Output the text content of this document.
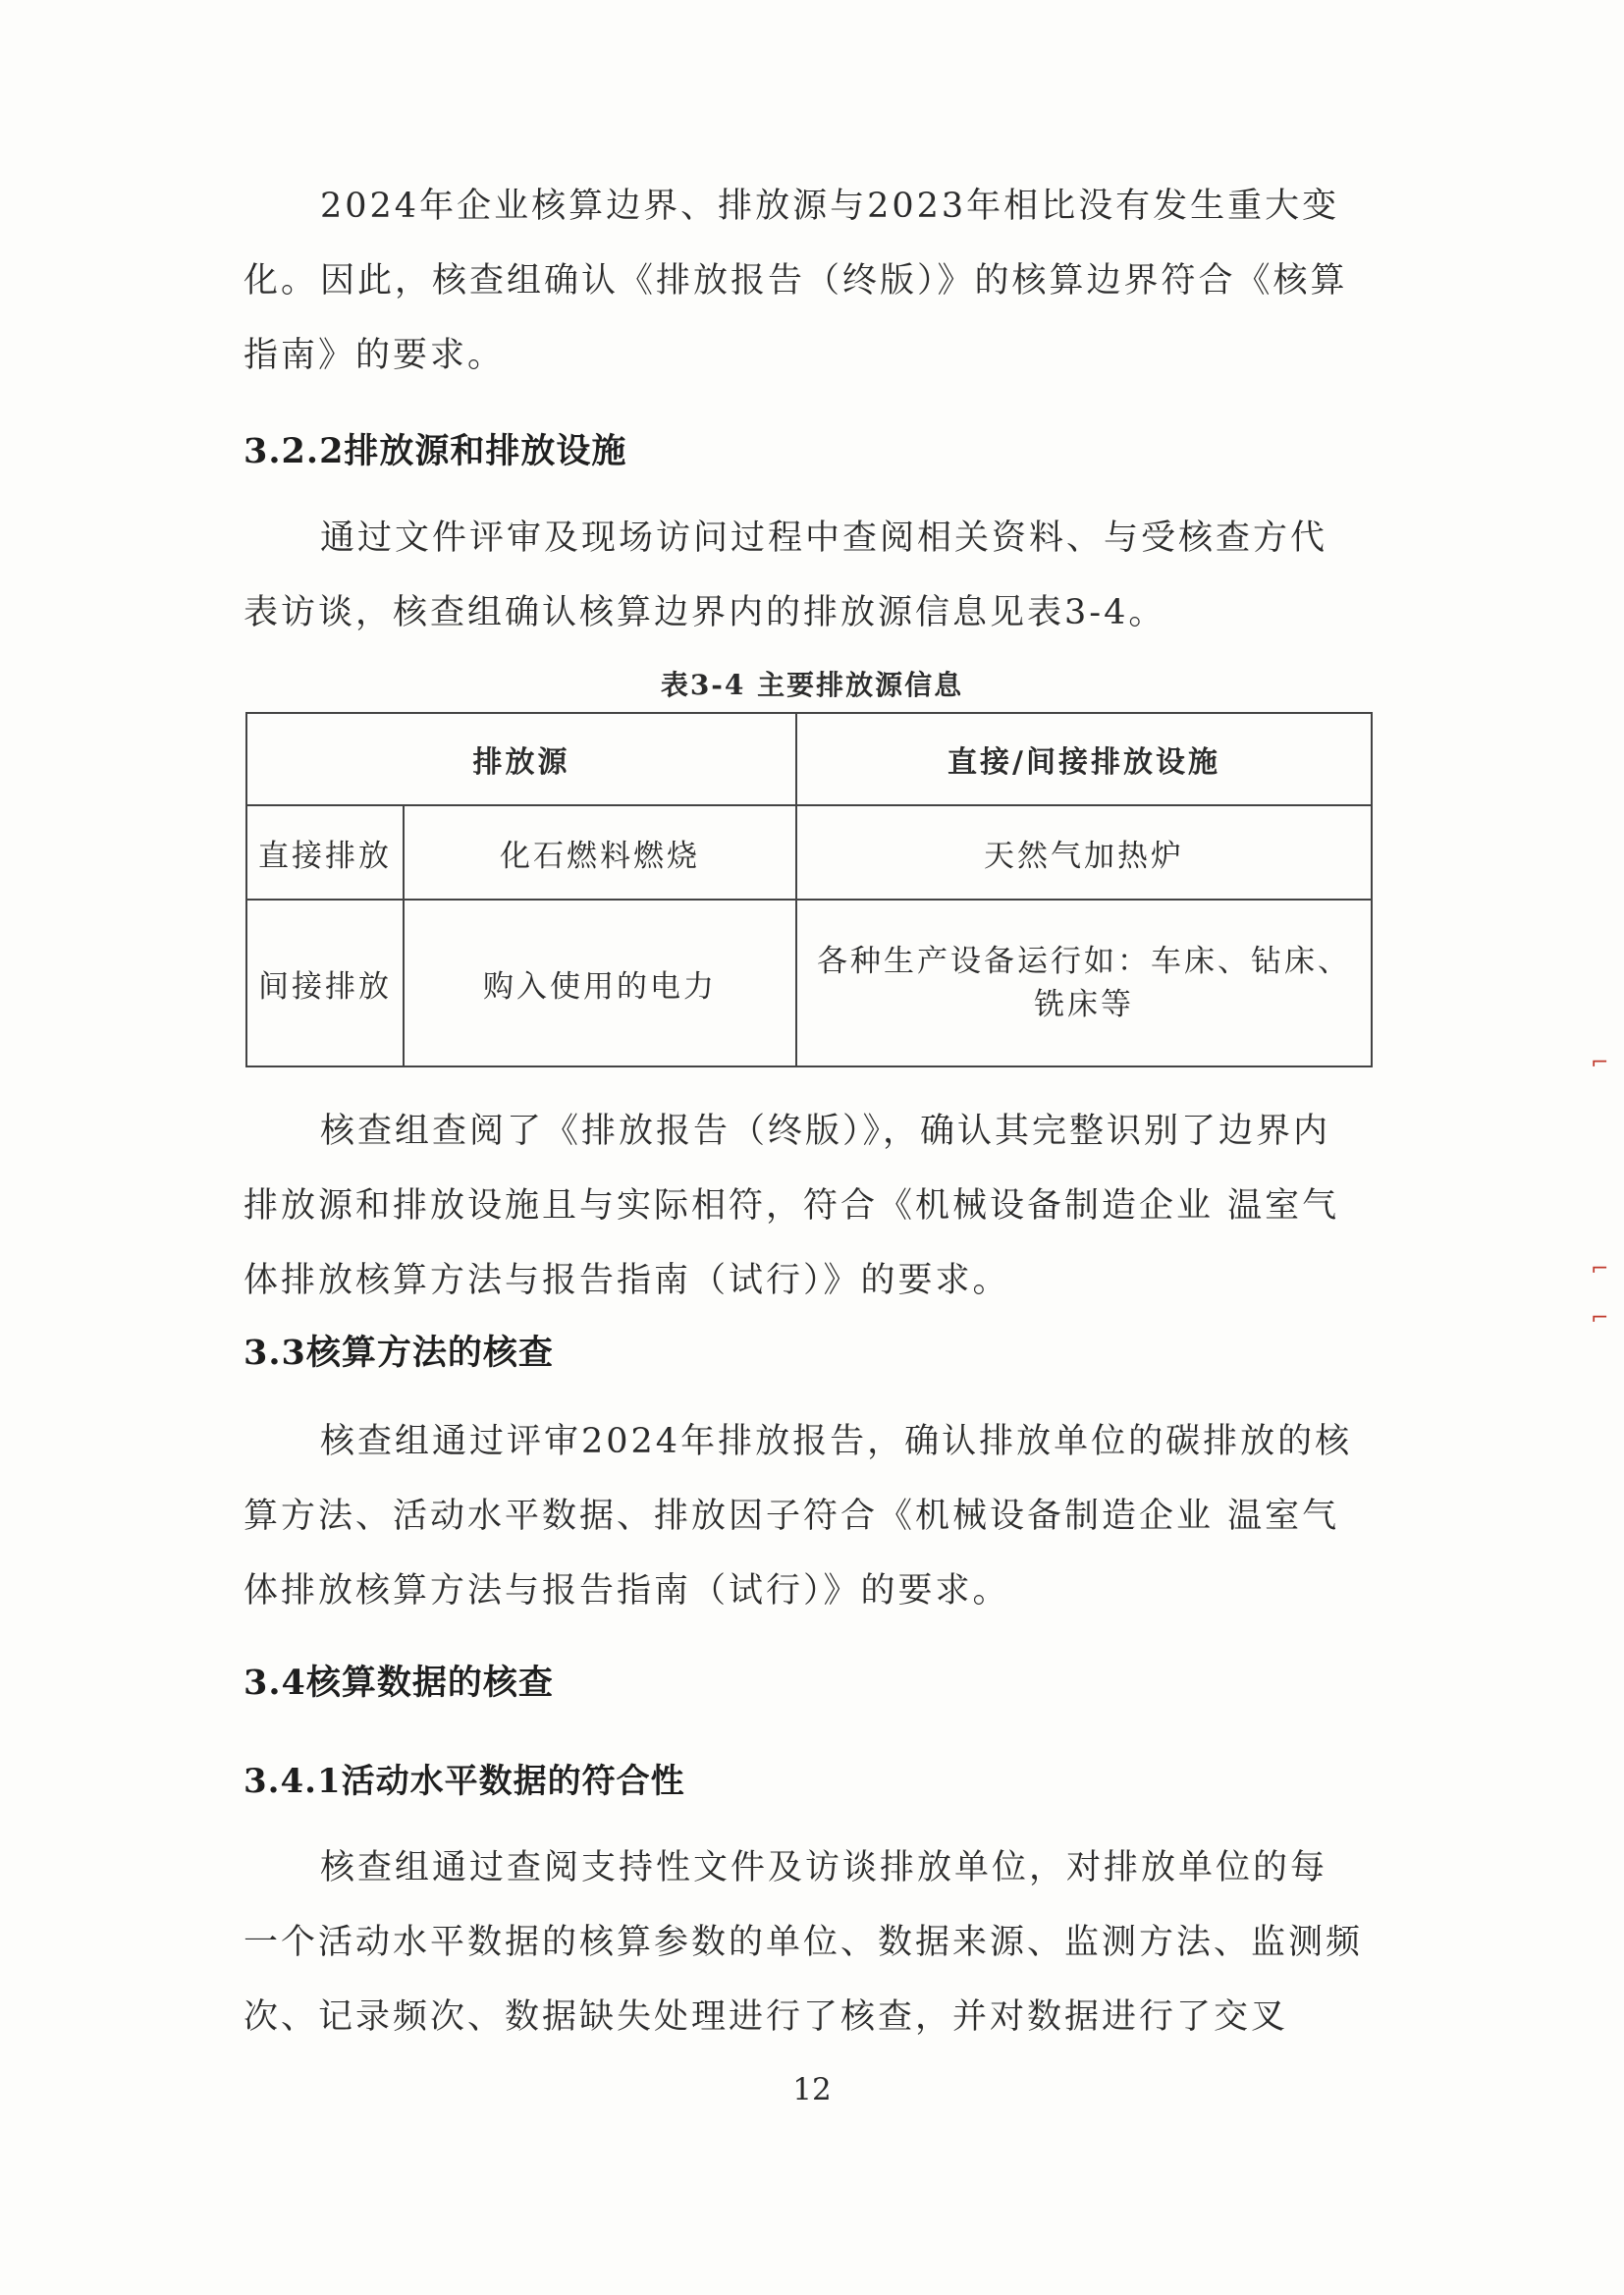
2024年企业核算边界、排放源与2023年相比没有发生重大变化。 因此，核查组确认《排放报告（终版）》的核算边界符合《核算指南》的要求。

3.2.2排放源和排放设施

通过文件评审及现场访问过程中查阅相关资料、与受核查方代表访谈，核查组确认核算边界内的排放源信息见表3-4。

表3-4 主要排放源信息
排放源		直接/间接排放设施
直接排放	化石燃料燃烧	天然气加热炉
间接排放	购入使用的电力	各种生产设备运行如：车床、钻床、铣床等

核查组查阅了《排放报告（终版）》，确认其完整识别了边界内排放源和排放设施且与实际相符，符合《机械设备制造企业 温室气体排放核算方法与报告指南（试行）》的要求。

3.3核算方法的核查

核查组通过评审2024年排放报告，确认排放单位的碳排放的核算方法、活动水平数据、排放因子符合《机械设备制造企业 温室气体排放核算方法与报告指南（试行）》的要求。

3.4核算数据的核查
3.4.1活动水平数据的符合性

核查组通过查阅支持性文件及访谈排放单位，对排放单位的每一个活动水平数据的核算参数的单位、数据来源、监测方法、监测频次、记录频次、数据缺失处理进行了核查，并对数据进行了交叉

12
⌐
⌐
⌐
